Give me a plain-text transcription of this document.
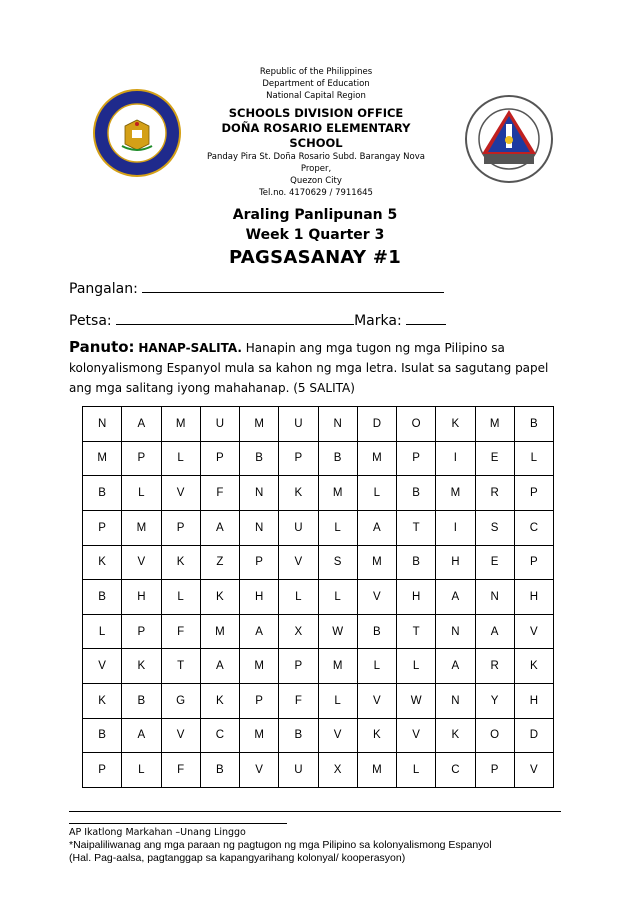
Republic of the Philippines
Department of Education
National Capital Region
SCHOOLS DIVISION OFFICE
DOÑA ROSARIO ELEMENTARY SCHOOL
Panday Pira St. Doña Rosario Subd. Barangay Nova Proper,
Quezon City
Tel.no. 4170629 / 7911645
Araling Panlipunan 5
Week 1 Quarter 3
PAGSASANAY #1
Pangalan:
Petsa:	Marka:
Panuto: HANAP-SALITA. Hanapin ang mga tugon ng mga Pilipino sa kolonyalismong Espanyol mula sa kahon ng mga letra. Isulat sa sagutang papel ang mga salitang iyong mahahanap. (5 SALITA)
N	A	M	U	M	U	N	D	O	K	M	B
M	P	L	P	B	P	B	M	P	I	E	L
B	L	V	F	N	K	M	L	B	M	R	P
P	M	P	A	N	U	L	A	T	I	S	C
K	V	K	Z	P	V	S	M	B	H	E	P
B	H	L	K	H	L	L	V	H	A	N	H
L	P	F	M	A	X	W	B	T	N	A	V
V	K	T	A	M	P	M	L	L	A	R	K
K	B	G	K	P	F	L	V	W	N	Y	H
B	A	V	C	M	B	V	K	V	K	O	D
P	L	F	B	V	U	X	M	L	C	P	V
AP Ikatlong Markahan –Unang Linggo
*Naipaliliwanag ang mga paraan ng pagtugon ng mga Pilipino sa kolonyalismong Espanyol
(Hal. Pag-aalsa, pagtanggap sa kapangyarihang kolonyal/ kooperasyon)
